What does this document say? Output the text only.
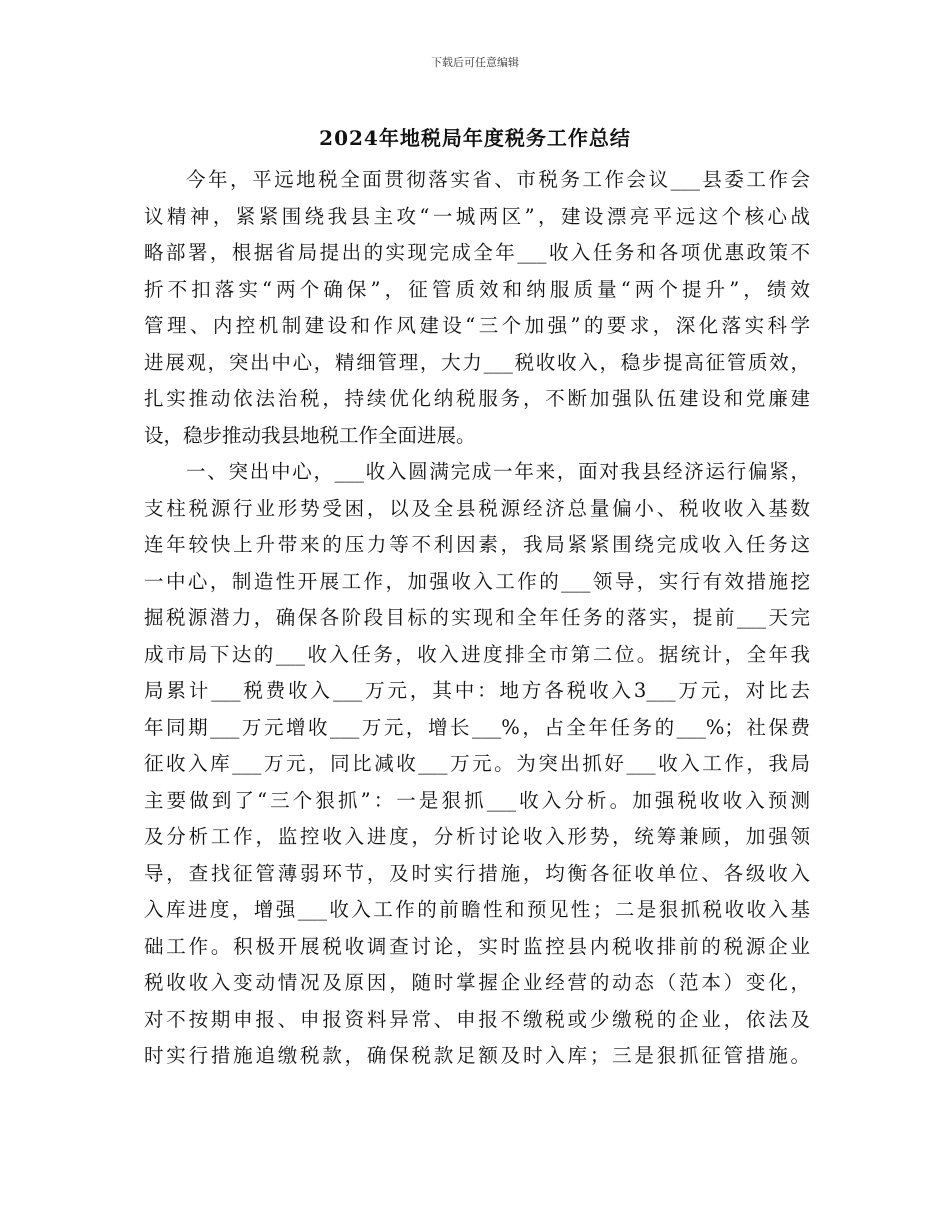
下载后可任意编辑
2024年地税局年度税务工作总结
今年，平远地税全面贯彻落实省、市税务工作会议___县委工作会
议精神，紧紧围绕我县主攻“一城两区”，建设漂亮平远这个核心战
略部署，根据省局提出的实现完成全年___收入任务和各项优惠政策不
折不扣落实“两个确保”，征管质效和纳服质量“两个提升”，绩效
管理、内控机制建设和作风建设“三个加强”的要求，深化落实科学
进展观，突出中心，精细管理，大力___税收收入，稳步提高征管质效，
扎实推动依法治税，持续优化纳税服务，不断加强队伍建设和党廉建
设，稳步推动我县地税工作全面进展。
一、突出中心，___收入圆满完成一年来，面对我县经济运行偏紧，
支柱税源行业形势受困，以及全县税源经济总量偏小、税收收入基数
连年较快上升带来的压力等不利因素，我局紧紧围绕完成收入任务这
一中心，制造性开展工作，加强收入工作的___领导，实行有效措施挖
掘税源潜力，确保各阶段目标的实现和全年任务的落实，提前___天完
成市局下达的___收入任务，收入进度排全市第二位。据统计，全年我
局累计___税费收入___万元，其中：地方各税收入3___万元，对比去
年同期___万元增收___万元，增长___%，占全年任务的___%；社保费
征收入库___万元，同比减收___万元。为突出抓好___收入工作，我局
主要做到了“三个狠抓”：一是狠抓___收入分析。加强税收收入预测
及分析工作，监控收入进度，分析讨论收入形势，统筹兼顾，加强领
导，查找征管薄弱环节，及时实行措施，均衡各征收单位、各级收入
入库进度，增强___收入工作的前瞻性和预见性；二是狠抓税收收入基
础工作。积极开展税收调查讨论，实时监控县内税收排前的税源企业
税收收入变动情况及原因，随时掌握企业经营的动态（范本）变化，
对不按期申报、申报资料异常、申报不缴税或少缴税的企业，依法及
时实行措施追缴税款，确保税款足额及时入库；三是狠抓征管措施。
